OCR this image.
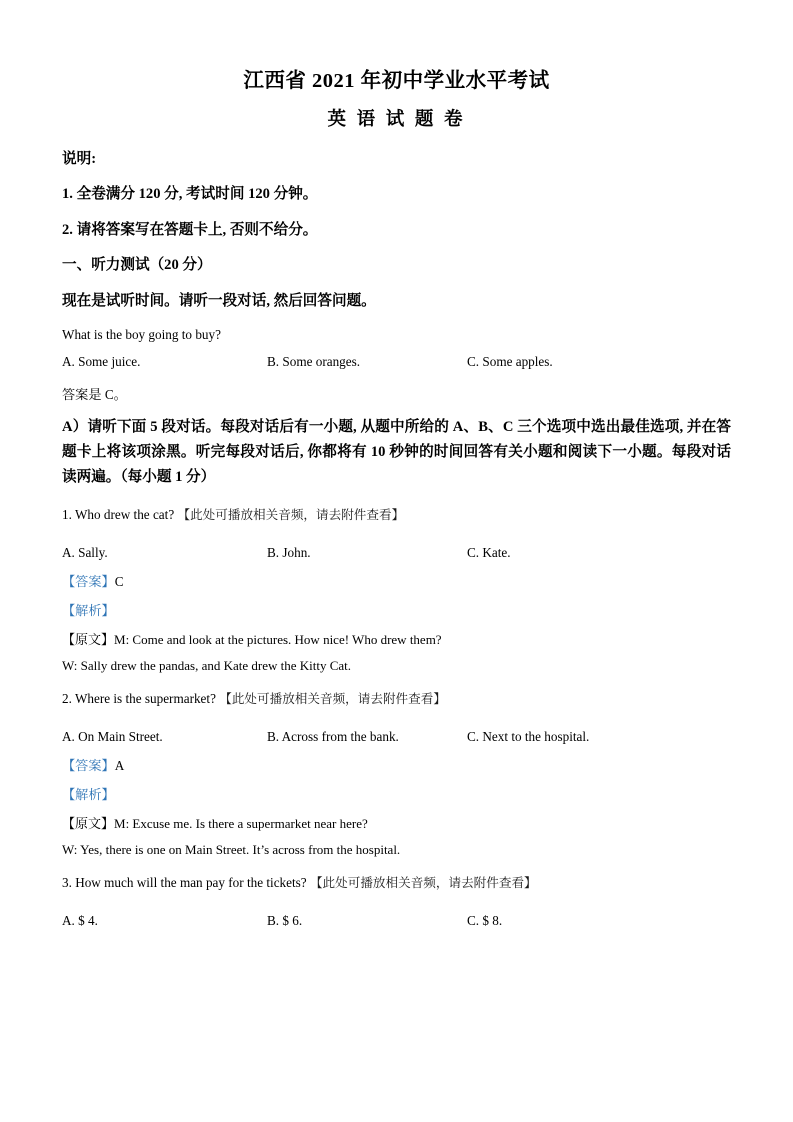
江西省 2021 年初中学业水平考试
英 语 试 题 卷
说明:
1. 全卷满分 120 分, 考试时间 120 分钟。
2. 请将答案写在答题卡上, 否则不给分。
一、听力测试（20 分）
现在是试听时间。请听一段对话, 然后回答问题。
What is the boy going to buy?
A. Some juice.	B. Some oranges.	C. Some apples.
答案是 C。
A）请听下面 5 段对话。每段对话后有一小题, 从题中所给的 A、B、C 三个选项中选出最佳选项, 并在答题卡上将该项涂黑。听完每段对话后, 你都将有 10 秒钟的时间回答有关小题和阅读下一小题。每段对话读两遍。（每小题 1 分）
1. Who drew the cat? 【此处可播放相关音频，请去附件查看】
A. Sally.	B. John.	C. Kate.
【答案】C
【解析】
【原文】M: Come and look at the pictures. How nice! Who drew them?
W: Sally drew the pandas, and Kate drew the Kitty Cat.
2. Where is the supermarket? 【此处可播放相关音频，请去附件查看】
A. On Main Street.	B. Across from the bank.	C. Next to the hospital.
【答案】A
【解析】
【原文】M: Excuse me. Is there a supermarket near here?
W: Yes, there is one on Main Street. It’s across from the hospital.
3. How much will the man pay for the tickets? 【此处可播放相关音频，请去附件查看】
A. $ 4.	B. $ 6.	C. $ 8.
